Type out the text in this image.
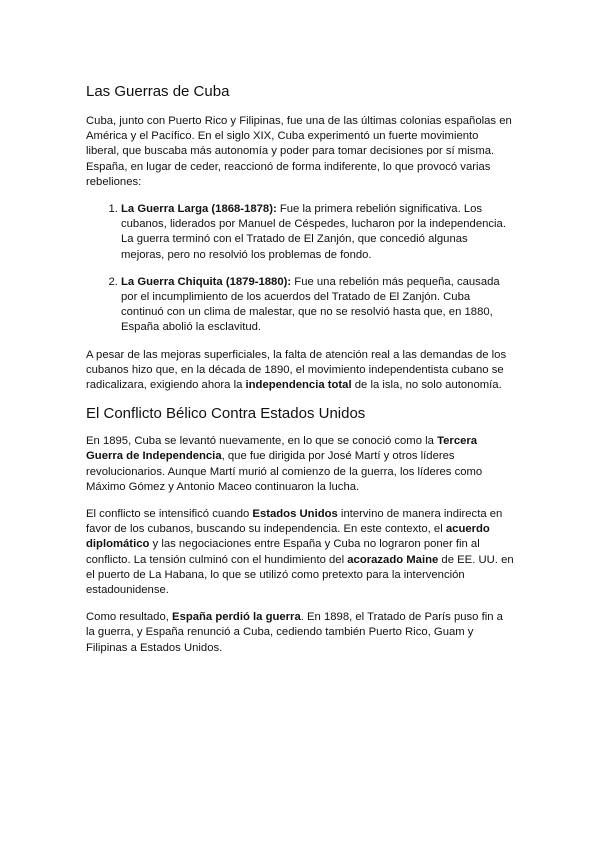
Las Guerras de Cuba

Cuba, junto con Puerto Rico y Filipinas, fue una de las últimas colonias españolas en América y el Pacífico. En el siglo XIX, Cuba experimentó un fuerte movimiento liberal, que buscaba más autonomía y poder para tomar decisiones por sí misma. España, en lugar de ceder, reaccionó de forma indiferente, lo que provocó varias rebeliones:

1. La Guerra Larga (1868-1878): Fue la primera rebelión significativa. Los cubanos, liderados por Manuel de Céspedes, lucharon por la independencia. La guerra terminó con el Tratado de El Zanjón, que concedió algunas mejoras, pero no resolvió los problemas de fondo.
2. La Guerra Chiquita (1879-1880): Fue una rebelión más pequeña, causada por el incumplimiento de los acuerdos del Tratado de El Zanjón. Cuba continuó con un clima de malestar, que no se resolvió hasta que, en 1880, España abolió la esclavitud.

A pesar de las mejoras superficiales, la falta de atención real a las demandas de los cubanos hizo que, en la década de 1890, el movimiento independentista cubano se radicalizara, exigiendo ahora la independencia total de la isla, no solo autonomía.

El Conflicto Bélico Contra Estados Unidos

En 1895, Cuba se levantó nuevamente, en lo que se conoció como la Tercera Guerra de Independencia, que fue dirigida por José Martí y otros líderes revolucionarios. Aunque Martí murió al comienzo de la guerra, los líderes como Máximo Gómez y Antonio Maceo continuaron la lucha.

El conflicto se intensificó cuando Estados Unidos intervino de manera indirecta en favor de los cubanos, buscando su independencia. En este contexto, el acuerdo diplomático y las negociaciones entre España y Cuba no lograron poner fin al conflicto. La tensión culminó con el hundimiento del acorazado Maine de EE. UU. en el puerto de La Habana, lo que se utilizó como pretexto para la intervención estadounidense.

Como resultado, España perdió la guerra. En 1898, el Tratado de París puso fin a la guerra, y España renunció a Cuba, cediendo también Puerto Rico, Guam y Filipinas a Estados Unidos.
